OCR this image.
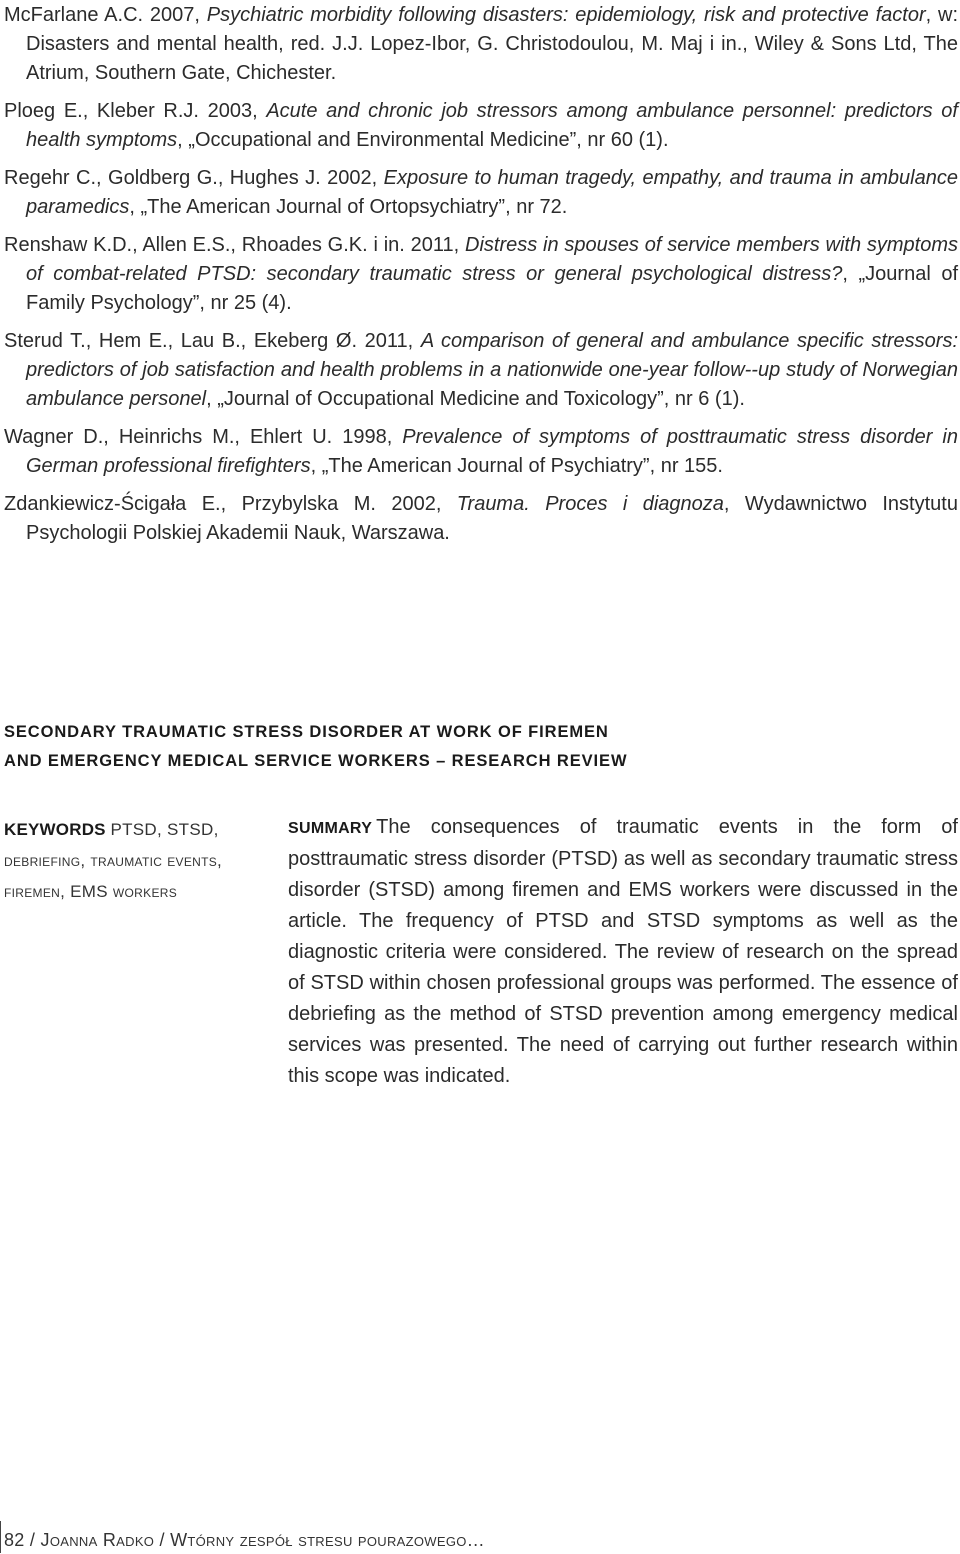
McFarlane A.C. 2007, Psychiatric morbidity following disasters: epidemiology, risk and protective factor, w: Disasters and mental health, red. J.J. Lopez-Ibor, G. Christodoulou, M. Maj i in., Wiley & Sons Ltd, The Atrium, Southern Gate, Chichester.

Ploeg E., Kleber R.J. 2003, Acute and chronic job stressors among ambulance personnel: predictors of health symptoms, „Occupational and Environmental Medicine”, nr 60 (1).

Regehr C., Goldberg G., Hughes J. 2002, Exposure to human tragedy, empathy, and trauma in ambulance paramedics, „The American Journal of Ortopsychiatry”, nr 72.

Renshaw K.D., Allen E.S., Rhoades G.K. i in. 2011, Distress in spouses of service members with symptoms of combat-related PTSD: secondary traumatic stress or general psychological distress?, „Journal of Family Psychology”, nr 25 (4).

Sterud T., Hem E., Lau B., Ekeberg Ø. 2011, A comparison of general and ambulance specific stressors: predictors of job satisfaction and health problems in a nationwide one-year follow--up study of Norwegian ambulance personel, „Journal of Occupational Medicine and Toxicology”, nr 6 (1).

Wagner D., Heinrichs M., Ehlert U. 1998, Prevalence of symptoms of posttraumatic stress disorder in German professional firefighters, „The American Journal of Psychiatry”, nr 155.

Zdankiewicz-Ścigała E., Przybylska M. 2002, Trauma. Proces i diagnoza, Wydawnictwo Instytutu Psychologii Polskiej Akademii Nauk, Warszawa.

SECONDARY TRAUMATIC STRESS DISORDER AT WORK OF FIREMEN
AND EMERGENCY MEDICAL SERVICE WORKERS – RESEARCH REVIEW
KEYWORDS PTSD, STSD, debriefing, traumatic events, firemen, EMS workers
SUMMARY The consequences of traumatic events in the form of posttraumatic stress disorder (PTSD) as well as secondary traumatic stress disorder (STSD) among firemen and EMS workers were discussed in the article. The frequency of PTSD and STSD symptoms as well as the diagnostic criteria were considered. The review of research on the spread of STSD within chosen professional groups was performed. The essence of debriefing as the method of STSD prevention among emergency medical services was presented. The need of carrying out further research within this scope was indicated.
82 / Joanna Radko / Wtórny zespół stresu pourazowego…
